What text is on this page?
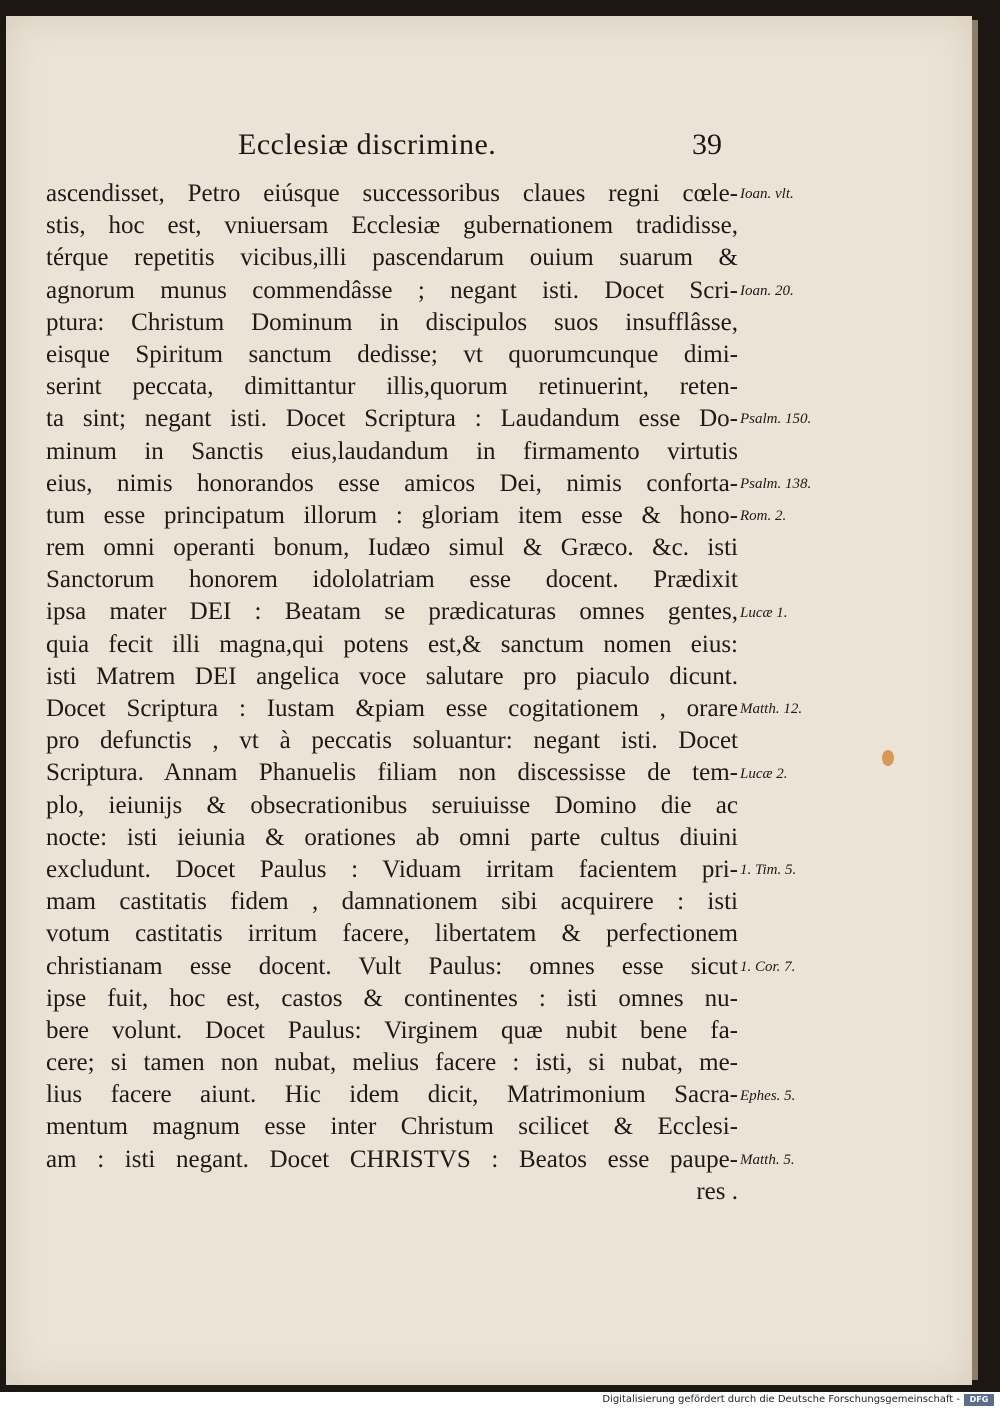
Ecclesiæ discrimine.	39
ascendisset, Petro eiúsque successoribus claues regni cœle-
stis, hoc est, vniuersam Ecclesiæ gubernationem tradidisse,
térque repetitis vicibus,illi pascendarum ouium suarum &
agnorum munus commendâsse ; negant isti. Docet Scri-
ptura: Christum Dominum in discipulos suos insufflâsse,
eisque Spiritum sanctum dedisse; vt quorumcunque dimi-
serint peccata, dimittantur illis,quorum retinuerint, reten-
ta sint; negant isti. Docet Scriptura : Laudandum esse Do-
minum in Sanctis eius,laudandum in firmamento virtutis
eius, nimis honorandos esse amicos Dei, nimis conforta-
tum esse principatum illorum : gloriam item esse & hono-
rem omni operanti bonum, Iudæo simul & Græco. &c. isti
Sanctorum honorem idololatriam esse docent. Prædixit
ipsa mater DEI : Beatam se prædicaturas omnes gentes,
quia fecit illi magna,qui potens est,& sanctum nomen eius:
isti Matrem DEI angelica voce salutare pro piaculo dicunt.
Docet Scriptura : Iustam &piam esse cogitationem , orare
pro defunctis , vt à peccatis soluantur: negant isti. Docet
Scriptura. Annam Phanuelis filiam non discessisse de tem-
plo, ieiunijs & obsecrationibus seruiuisse Domino die ac
nocte: isti ieiunia & orationes ab omni parte cultus diuini
excludunt. Docet Paulus : Viduam irritam facientem pri-
mam castitatis fidem , damnationem sibi acquirere : isti
votum castitatis irritum facere, libertatem & perfectionem
christianam esse docent. Vult Paulus: omnes esse sicut
ipse fuit, hoc est, castos & continentes : isti omnes nu-
bere volunt. Docet Paulus: Virginem quæ nubit bene fa-
cere; si tamen non nubat, melius facere : isti, si nubat, me-
lius facere aiunt. Hic idem dicit, Matrimonium Sacra-
mentum magnum esse inter Christum scilicet & Ecclesi-
am : isti negant. Docet CHRISTVS : Beatos esse paupe-
res .
Ioan. vlt.
Ioan. 20.
Psalm. 150.
Psalm. 138.
Rom. 2.
Lucæ 1.
Matth. 12.
Lucæ 2.
1. Tim. 5.
1. Cor. 7.
Ephes. 5.
Matth. 5.
Digitalisierung gefördert durch die Deutsche Forschungsgemeinschaft -	DFG
